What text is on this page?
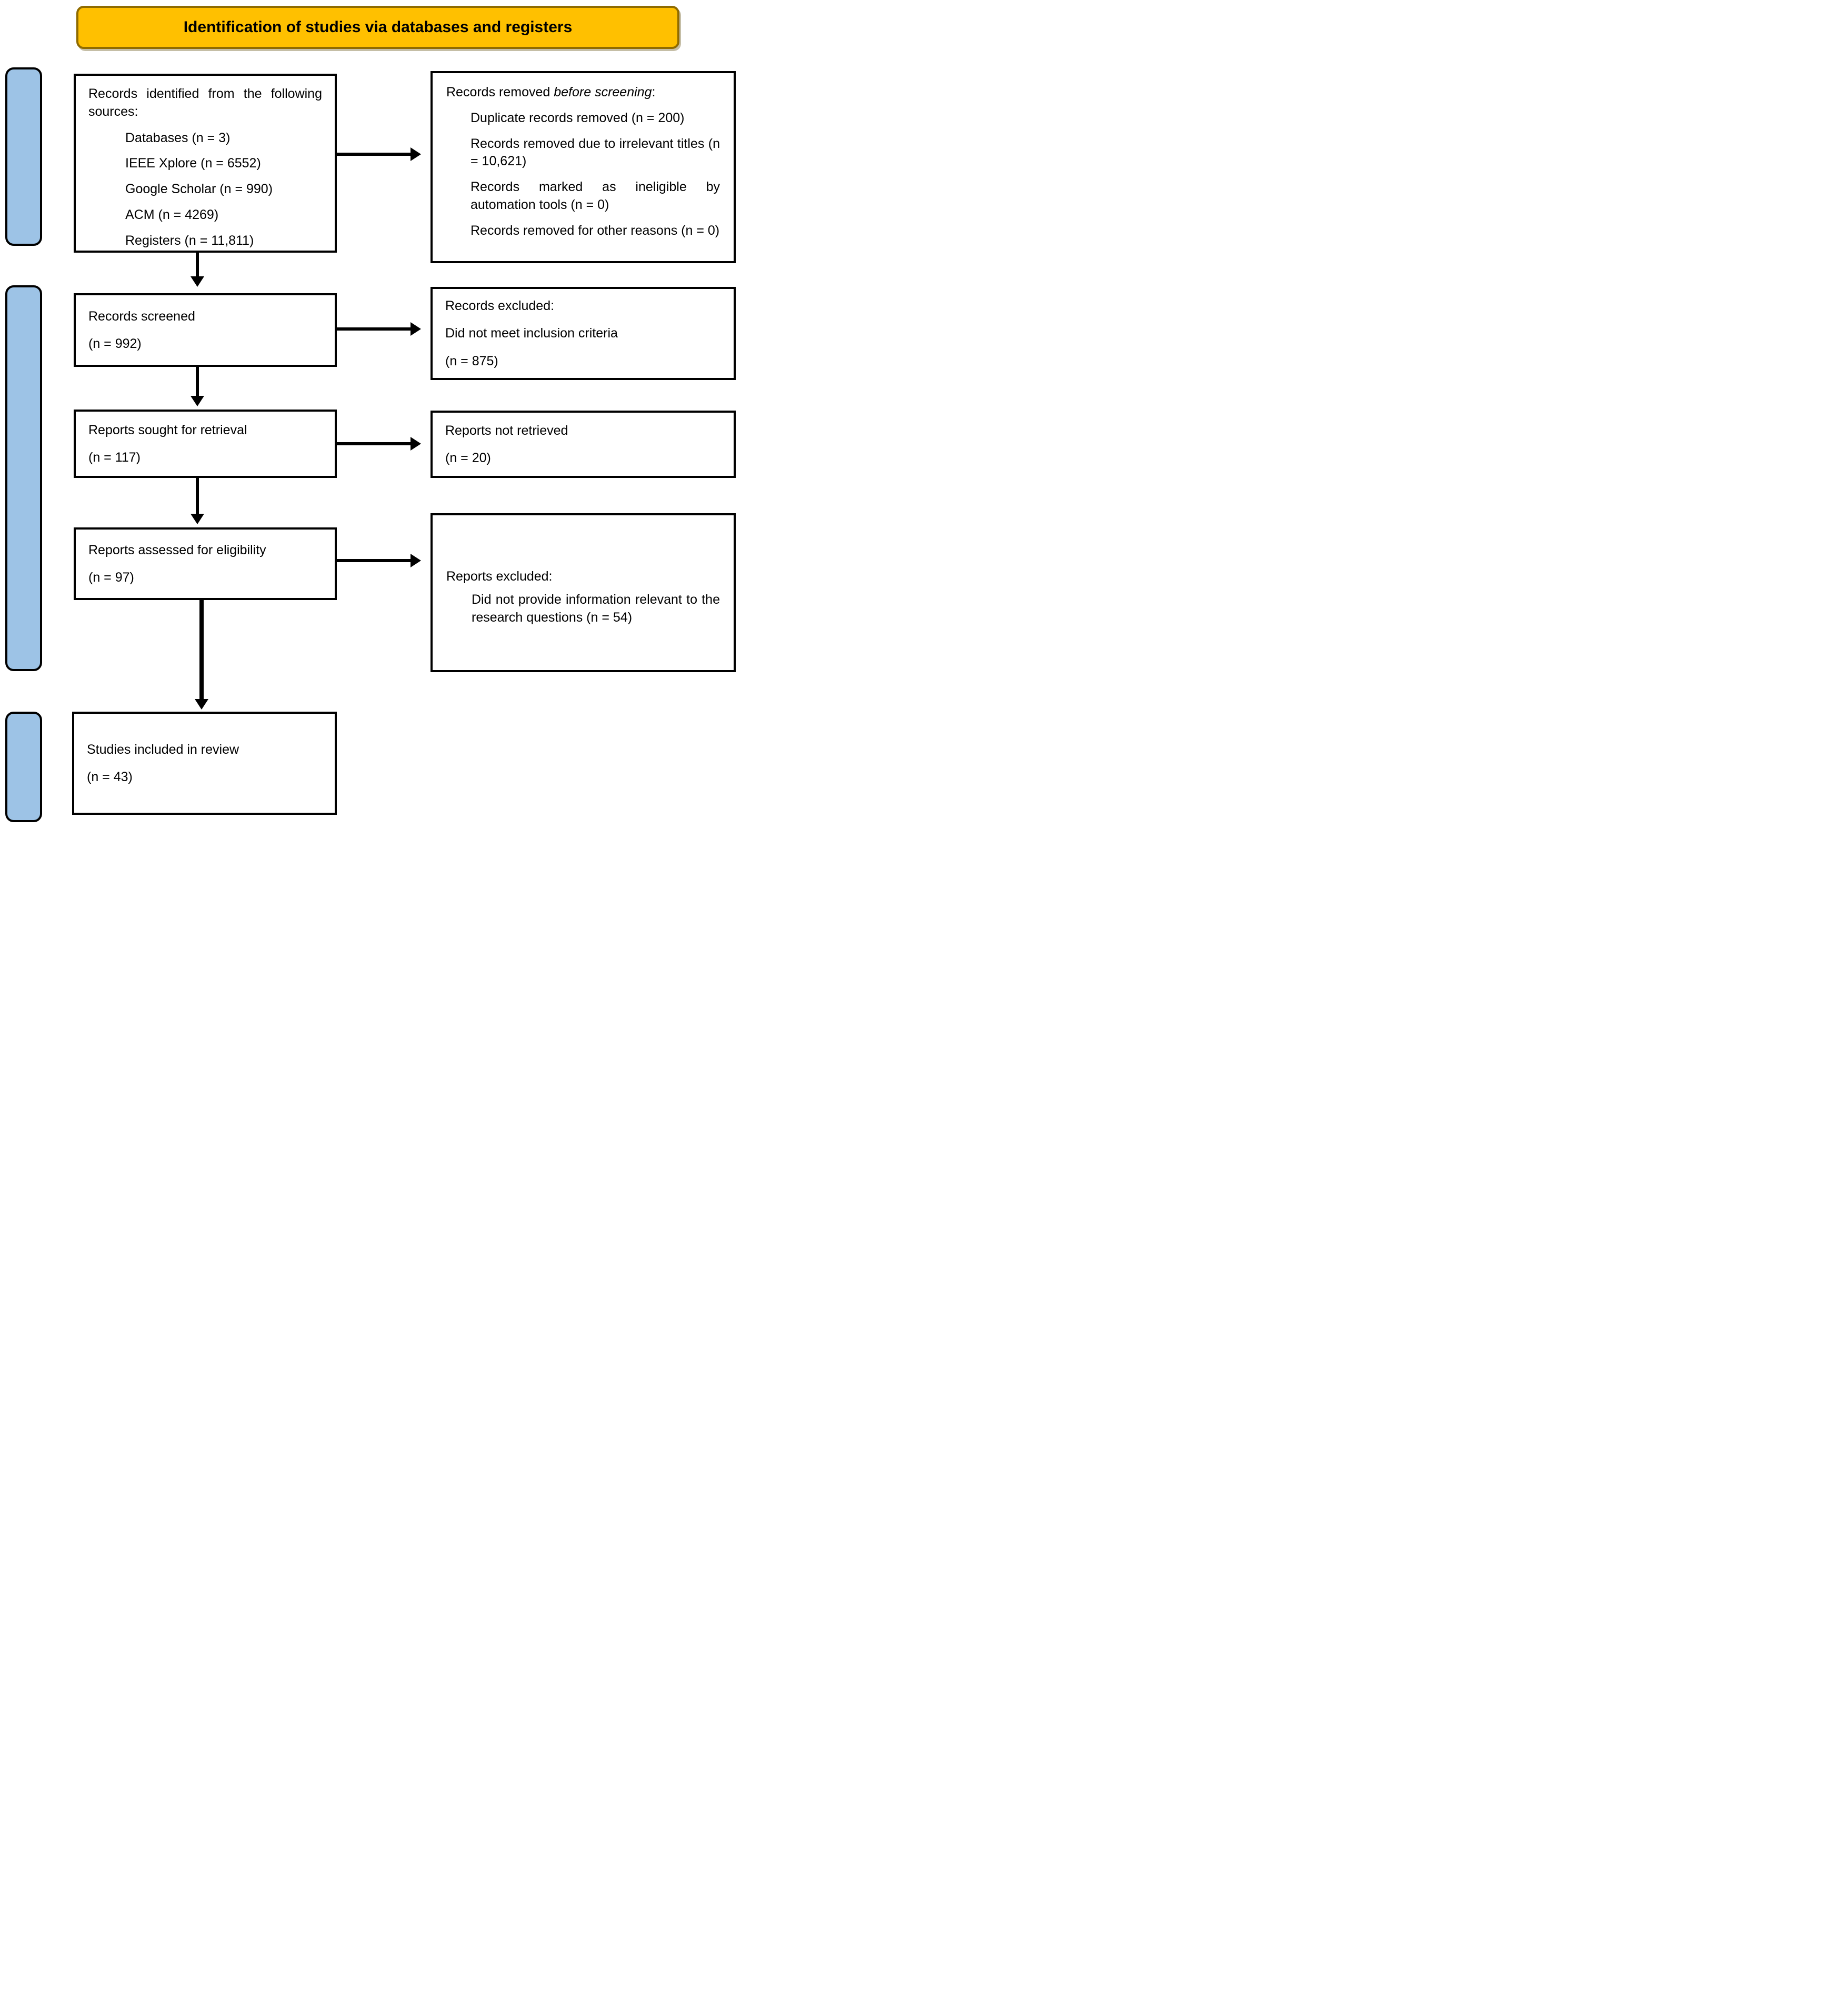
Identification of studies via databases and registers
Records identified from the following sources:
Databases (n = 3)
IEEE Xplore (n = 6552)
Google Scholar (n = 990)
ACM (n = 4269)
Registers (n = 11,811)
Records removed before screening:
Duplicate records removed (n = 200)
Records removed due to irrelevant titles (n = 10,621)
Records marked as ineligible by automation tools (n = 0)
Records removed for other reasons (n = 0)
Records screened
(n = 992)
Records excluded:
Did not meet inclusion criteria
(n = 875)
Reports sought for retrieval
(n = 117)
Reports not retrieved
(n = 20)
Reports assessed for eligibility
(n = 97)	Reports excluded:
Did not provide information relevant to the research questions (n = 54)
Studies included in review
(n = 43)
